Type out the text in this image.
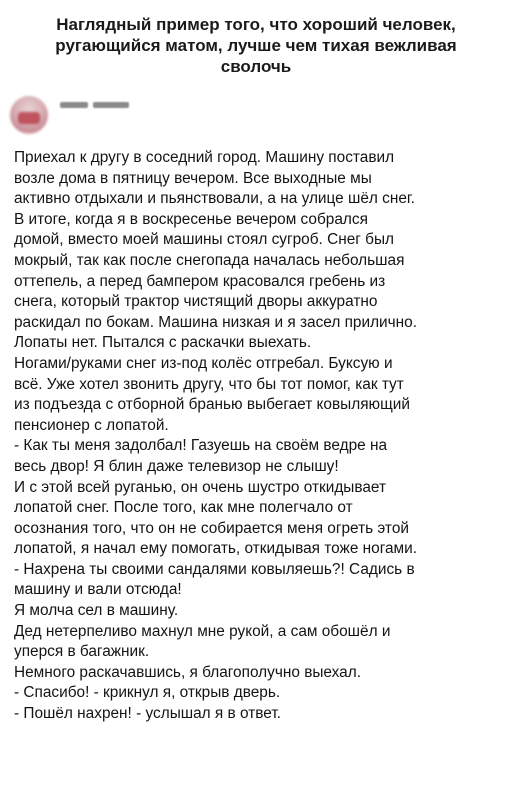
Наглядный пример того, что хороший человек,
ругающийся матом, лучше чем тихая вежливая
сволочь
Приехал к другу в соседний город. Машину поставил
возле дома в пятницу вечером. Все выходные мы
активно отдыхали и пьянствовали, а на улице шёл снег.
В итоге, когда я в воскресенье вечером собрался
домой, вместо моей машины стоял сугроб. Снег был
мокрый, так как после снегопада началась небольшая
оттепель, а перед бампером красовался гребень из
снега, который трактор чистящий дворы аккуратно
раскидал по бокам. Машина низкая и я засел прилично.
Лопаты нет. Пытался с раскачки выехать.
Ногами/руками снег из-под колёс отгребал. Буксую и
всё. Уже хотел звонить другу, что бы тот помог, как тут
из подъезда с отборной бранью выбегает ковыляющий
пенсионер с лопатой.
- Как ты меня задолбал! Газуешь на своём ведре на
весь двор! Я блин даже телевизор не слышу!
И с этой всей руганью, он очень шустро откидывает
лопатой снег. После того, как мне полегчало от
осознания того, что он не собирается меня огреть этой
лопатой, я начал ему помогать, откидывая тоже ногами.
- Нахрена ты своими сандалями ковыляешь?! Садись в
машину и вали отсюда!
Я молча сел в машину.
Дед нетерпеливо махнул мне рукой, а сам обошёл и
уперся в багажник.
Немного раскачавшись, я благополучно выехал.
- Спасибо! - крикнул я, открыв дверь.
- Пошёл нахрен! - услышал я в ответ.
